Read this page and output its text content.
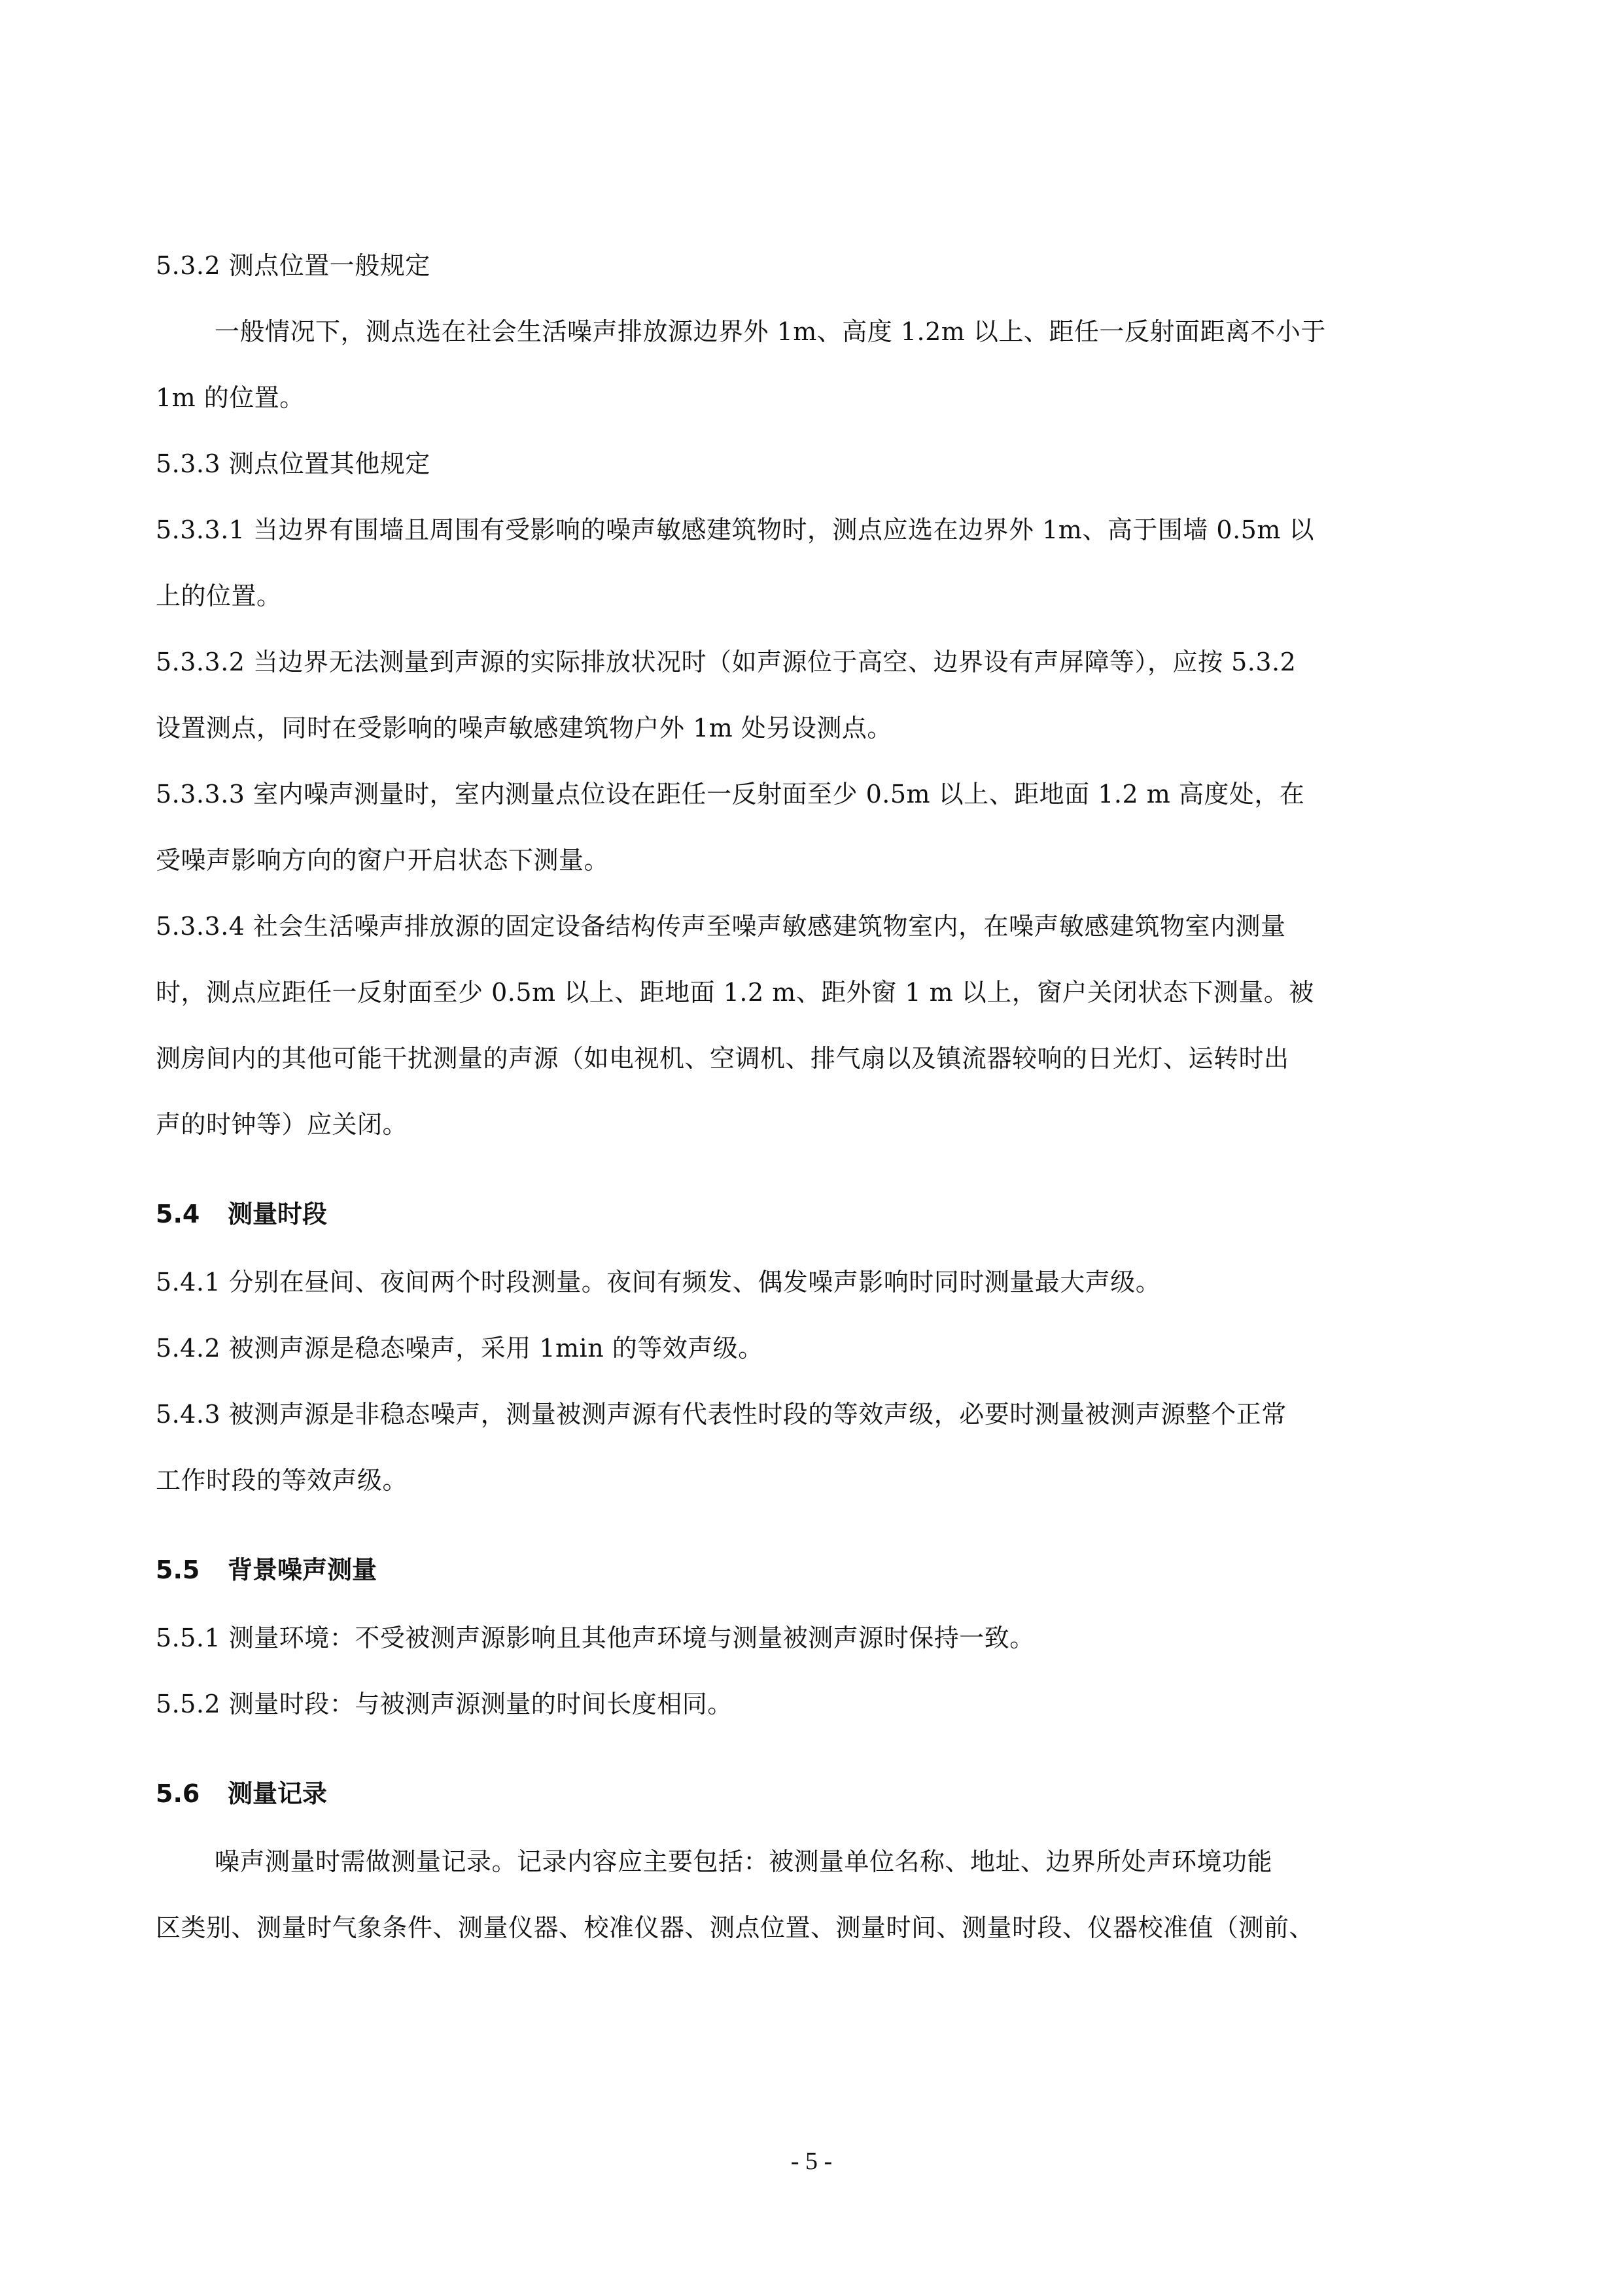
5.3.2 测点位置一般规定

一般情况下，测点选在社会生活噪声排放源边界外 1m、高度 1.2m 以上、距任一反射面距离不小于

1m 的位置。

5.3.3 测点位置其他规定

5.3.3.1 当边界有围墙且周围有受影响的噪声敏感建筑物时，测点应选在边界外 1m、高于围墙 0.5m 以

上的位置。

5.3.3.2 当边界无法测量到声源的实际排放状况时（如声源位于高空、边界设有声屏障等），应按 5.3.2

设置测点，同时在受影响的噪声敏感建筑物户外 1m 处另设测点。

5.3.3.3 室内噪声测量时，室内测量点位设在距任一反射面至少 0.5m 以上、距地面 1.2 m 高度处，在

受噪声影响方向的窗户开启状态下测量。

5.3.3.4 社会生活噪声排放源的固定设备结构传声至噪声敏感建筑物室内，在噪声敏感建筑物室内测量

时，测点应距任一反射面至少 0.5m 以上、距地面 1.2 m、距外窗 1 m 以上，窗户关闭状态下测量。被

测房间内的其他可能干扰测量的声源（如电视机、空调机、排气扇以及镇流器较响的日光灯、运转时出

声的时钟等）应关闭。

5.4 测量时段

5.4.1 分别在昼间、夜间两个时段测量。夜间有频发、偶发噪声影响时同时测量最大声级。

5.4.2 被测声源是稳态噪声，采用 1min 的等效声级。

5.4.3 被测声源是非稳态噪声，测量被测声源有代表性时段的等效声级，必要时测量被测声源整个正常

工作时段的等效声级。

5.5 背景噪声测量

5.5.1 测量环境：不受被测声源影响且其他声环境与测量被测声源时保持一致。

5.5.2 测量时段：与被测声源测量的时间长度相同。

5.6 测量记录

噪声测量时需做测量记录。记录内容应主要包括：被测量单位名称、地址、边界所处声环境功能

区类别、测量时气象条件、测量仪器、校准仪器、测点位置、测量时间、测量时段、仪器校准值（测前、

- 5 -
